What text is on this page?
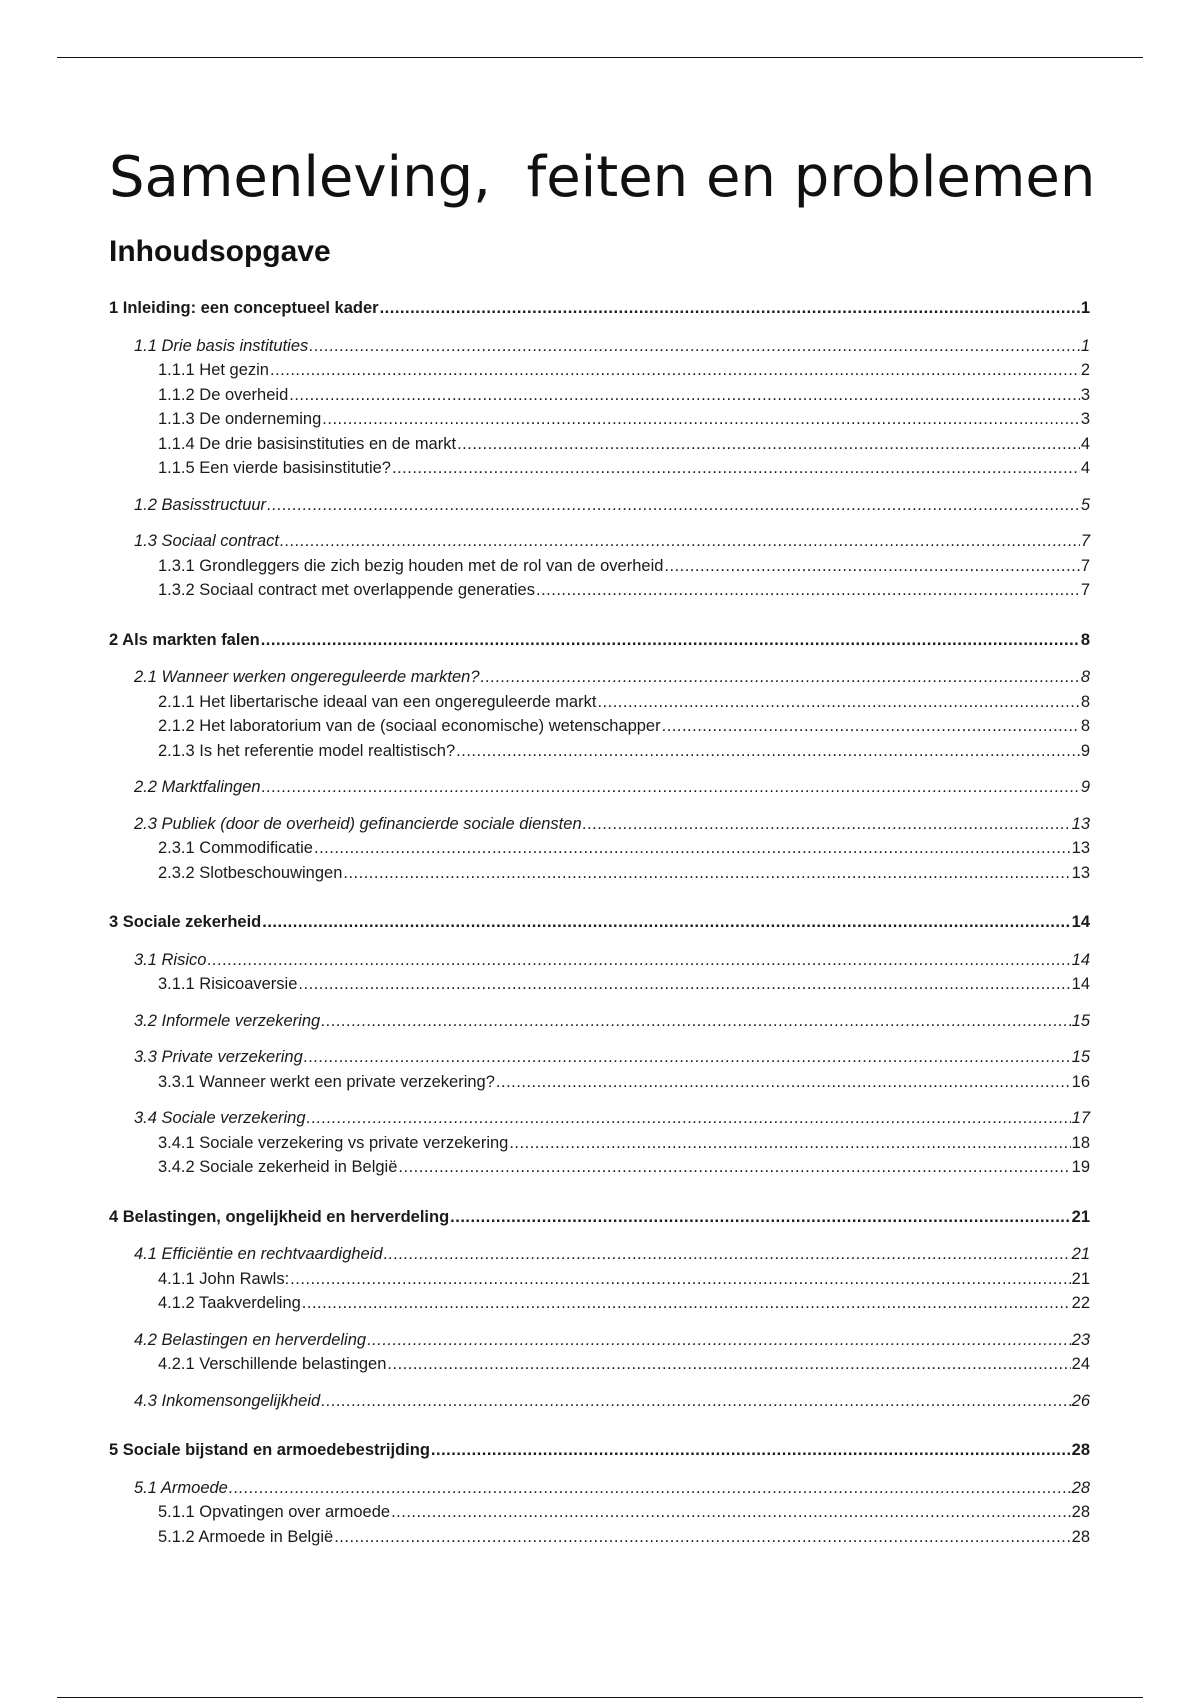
Samenleving,  feiten en problemen
Inhoudsopgave
1 Inleiding: een conceptueel kader .....	1
1.1 Drie basis instituties .....	1
1.1.1 Het gezin .....	2
1.1.2 De overheid .....	3
1.1.3 De onderneming .....	3
1.1.4 De drie basisinstituties en de markt .....	4
1.1.5 Een vierde basisinstitutie? .....	4
1.2 Basisstructuur .....	5
1.3 Sociaal contract .....	7
1.3.1 Grondleggers die zich bezig houden met de rol van de overheid .....	7
1.3.2 Sociaal contract met overlappende generaties .....	7
2 Als markten falen .....	8
2.1 Wanneer werken ongereguleerde markten? .....	8
2.1.1 Het libertarische ideaal van een ongereguleerde markt .....	8
2.1.2 Het laboratorium van de (sociaal economische) wetenschapper .....	8
2.1.3 Is het referentie model realtistisch? .....	9
2.2 Marktfalingen .....	9
2.3 Publiek (door de overheid) gefinancierde sociale diensten .....	13
2.3.1 Commodificatie .....	13
2.3.2 Slotbeschouwingen .....	13
3 Sociale zekerheid .....	14
3.1 Risico .....	14
3.1.1 Risicoaversie .....	14
3.2 Informele verzekering .....	15
3.3 Private verzekering .....	15
3.3.1 Wanneer werkt een private verzekering? .....	16
3.4 Sociale verzekering .....	17
3.4.1 Sociale verzekering vs private verzekering .....	18
3.4.2 Sociale zekerheid in België .....	19
4 Belastingen, ongelijkheid en herverdeling .....	21
4.1 Efficiëntie en rechtvaardigheid .....	21
4.1.1 John Rawls: .....	21
4.1.2 Taakverdeling .....	22
4.2 Belastingen en herverdeling .....	23
4.2.1 Verschillende belastingen .....	24
4.3 Inkomensongelijkheid .....	26
5 Sociale bijstand en armoedebestrijding .....	28
5.1 Armoede .....	28
5.1.1 Opvatingen over armoede .....	28
5.1.2 Armoede in België .....	28
